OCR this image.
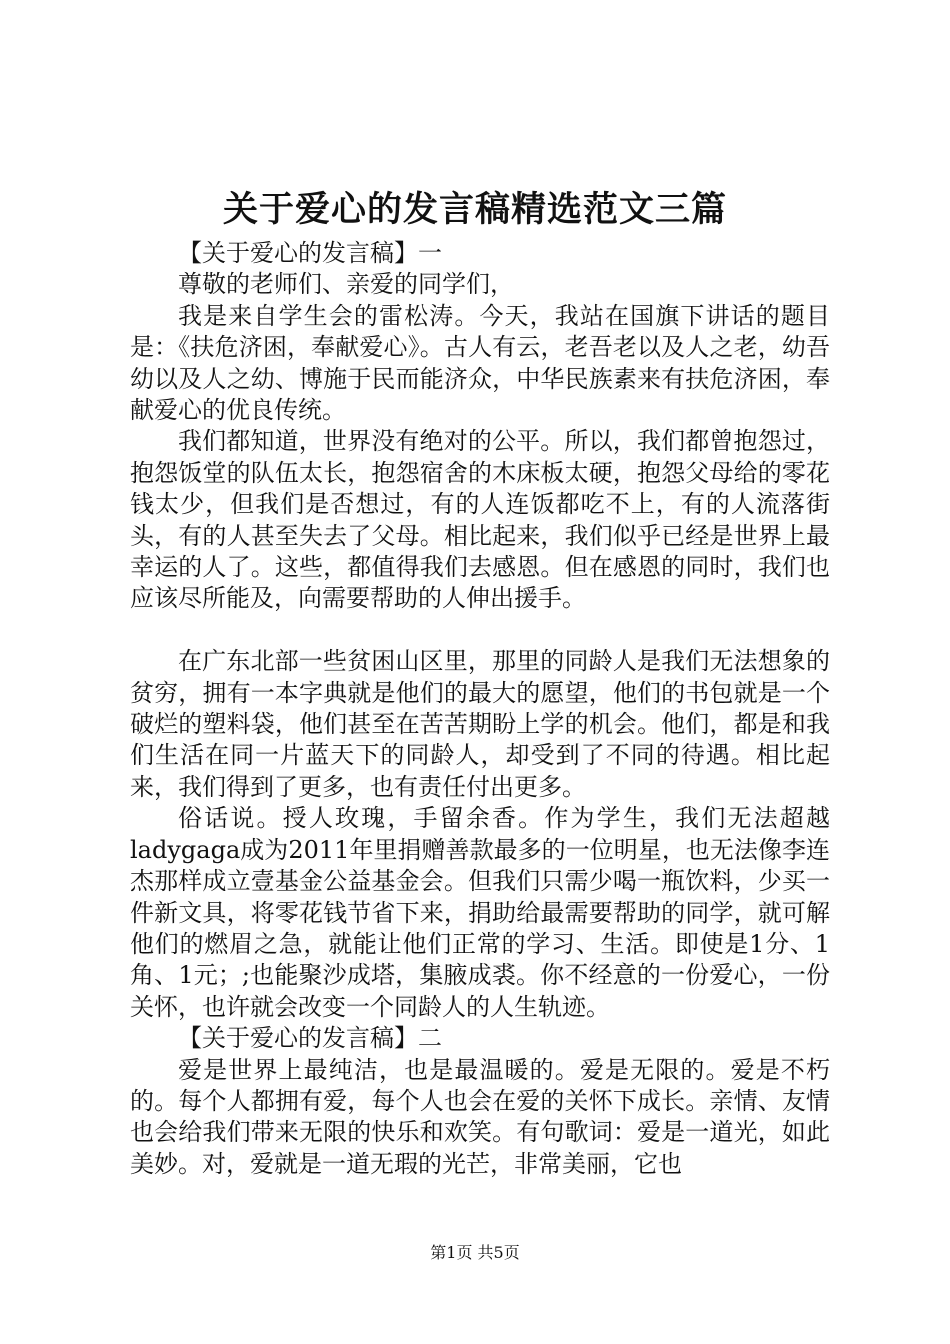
关于爱心的发言稿精选范文三篇

【关于爱心的发言稿】一

尊敬的老师们、亲爱的同学们，

我是来自学生会的雷松涛。今天，我站在国旗下讲话的题目是：《扶危济困，奉献爱心》。古人有云，老吾老以及人之老，幼吾幼以及人之幼、博施于民而能济众，中华民族素来有扶危济困，奉献爱心的优良传统。

我们都知道，世界没有绝对的公平。所以，我们都曾抱怨过，抱怨饭堂的队伍太长，抱怨宿舍的木床板太硬，抱怨父母给的零花钱太少，但我们是否想过，有的人连饭都吃不上，有的人流落街头，有的人甚至失去了父母。相比起来，我们似乎已经是世界上最幸运的人了。这些，都值得我们去感恩。但在感恩的同时，我们也应该尽所能及，向需要帮助的人伸出援手。

在广东北部一些贫困山区里，那里的同龄人是我们无法想象的贫穷，拥有一本字典就是他们的最大的愿望，他们的书包就是一个破烂的塑料袋，他们甚至在苦苦期盼上学的机会。他们，都是和我们生活在同一片蓝天下的同龄人，却受到了不同的待遇。相比起来，我们得到了更多，也有责任付出更多。

俗话说。授人玫瑰，手留余香。作为学生，我们无法超越ladygaga成为2011年里捐赠善款最多的一位明星，也无法像李连杰那样成立壹基金公益基金会。但我们只需少喝一瓶饮料，少买一件新文具，将零花钱节省下来，捐助给最需要帮助的同学，就可解他们的燃眉之急，就能让他们正常的学习、生活。即使是1分、1角、1元；;也能聚沙成塔，集腋成裘。你不经意的一份爱心，一份关怀，也许就会改变一个同龄人的人生轨迹。

【关于爱心的发言稿】二

爱是世界上最纯洁，也是最温暖的。爱是无限的。爱是不朽的。每个人都拥有爱，每个人也会在爱的关怀下成长。亲情、友情也会给我们带来无限的快乐和欢笑。有句歌词：爱是一道光，如此美妙。对，爱就是一道无瑕的光芒，非常美丽，它也

第1页 共5页
